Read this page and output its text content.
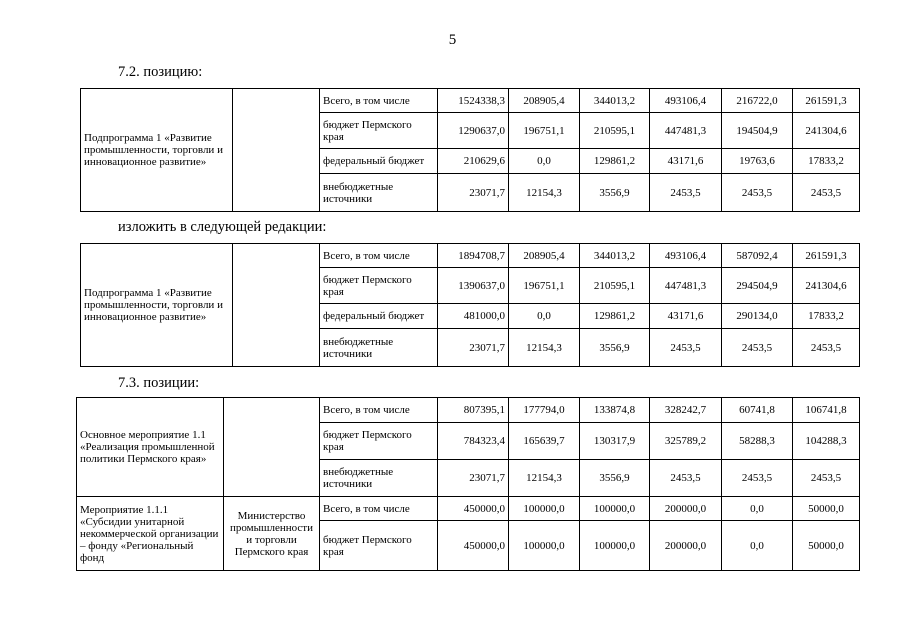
5
7.2. позицию:
Подпрограмма 1 «Развитие промышленности, торговли и инновационное развитие»		Всего, в том числе	1524338,3	208905,4	344013,2	493106,4	216722,0	261591,3
		бюджет Пермского края	1290637,0	196751,1	210595,1	447481,3	194504,9	241304,6
		федеральный бюджет	210629,6	0,0	129861,2	43171,6	19763,6	17833,2
		внебюджетные источники	23071,7	12154,3	3556,9	2453,5	2453,5	2453,5
изложить в следующей редакции:
Подпрограмма 1 «Развитие промышленности, торговли и инновационное развитие»		Всего, в том числе	1894708,7	208905,4	344013,2	493106,4	587092,4	261591,3
		бюджет Пермского края	1390637,0	196751,1	210595,1	447481,3	294504,9	241304,6
		федеральный бюджет	481000,0	0,0	129861,2	43171,6	290134,0	17833,2
		внебюджетные источники	23071,7	12154,3	3556,9	2453,5	2453,5	2453,5
7.3. позиции:
Основное мероприятие 1.1 «Реализация промышленной политики Пермского края»		Всего, в том числе	807395,1	177794,0	133874,8	328242,7	60741,8	106741,8
		бюджет Пермского края	784323,4	165639,7	130317,9	325789,2	58288,3	104288,3
		внебюджетные источники	23071,7	12154,3	3556,9	2453,5	2453,5	2453,5
Мероприятие 1.1.1 «Субсидии унитарной некоммерческой организации – фонду «Региональный фонд	Министерство промышленности и торговли Пермского края	Всего, в том числе	450000,0	100000,0	100000,0	200000,0	0,0	50000,0
		бюджет Пермского края	450000,0	100000,0	100000,0	200000,0	0,0	50000,0
